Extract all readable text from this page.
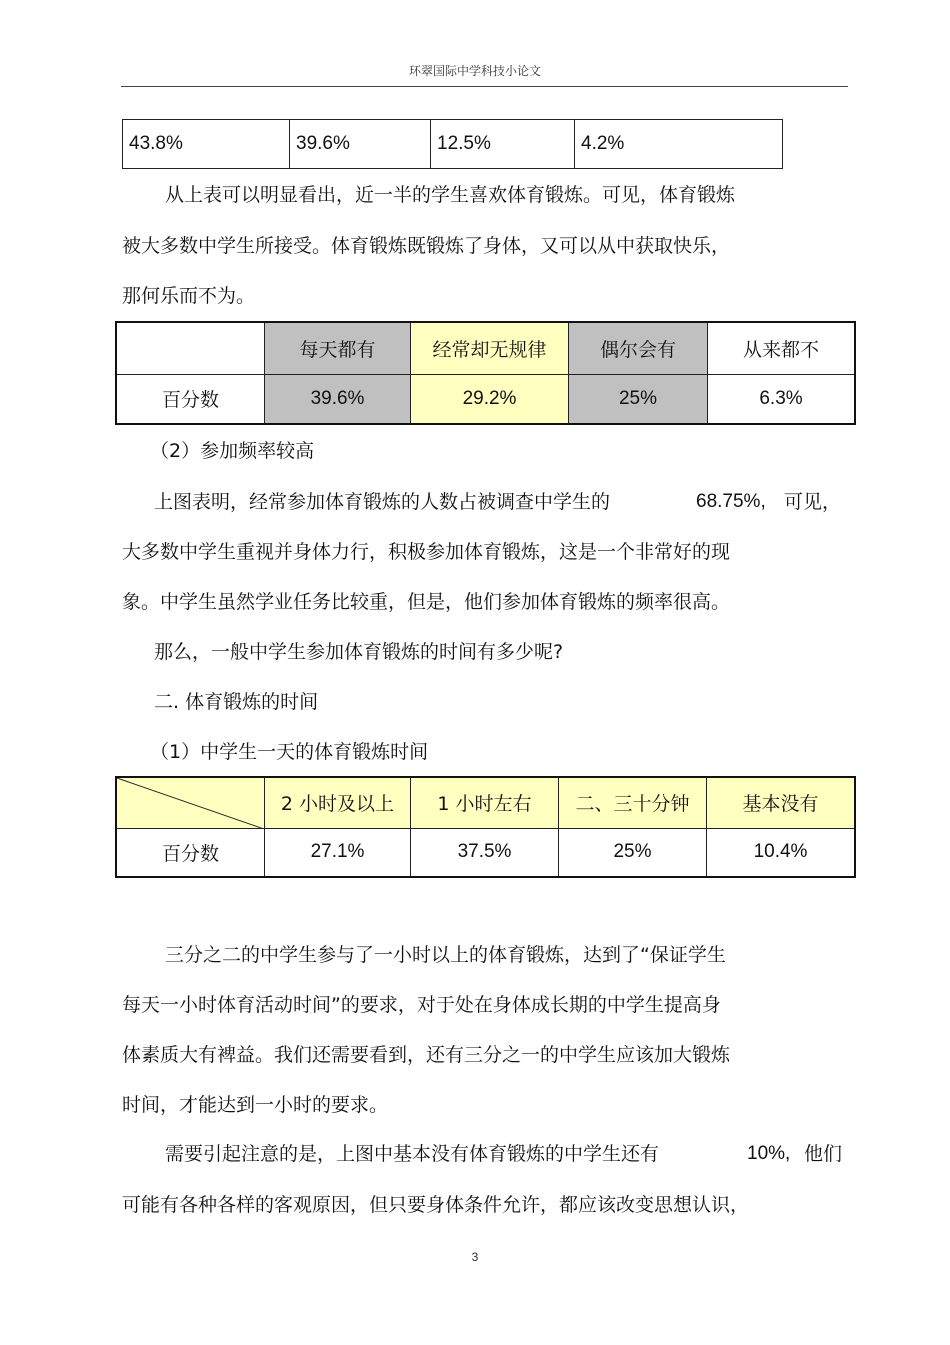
环翠国际中学科技小论文
43.8%	39.6%	12.5%	4.2%
从上表可以明显看出，近一半的学生喜欢体育锻炼。可见，体育锻炼
被大多数中学生所接受。体育锻炼既锻炼了身体，又可以从中获取快乐，
那何乐而不为。
	每天都有	经常却无规律	偶尔会有	从来都不
百分数	39.6%	29.2%	25%	6.3%
（2）参加频率较高
上图表明，经常参加体育锻炼的人数占被调查中学生的	68.75%, 可见，
大多数中学生重视并身体力行，积极参加体育锻炼，这是一个非常好的现
象。中学生虽然学业任务比较重，但是，他们参加体育锻炼的频率很高。
那么，一般中学生参加体育锻炼的时间有多少呢?
二. 体育锻炼的时间
（1）中学生一天的体育锻炼时间
	2 小时及以上	1 小时左右	二、三十分钟	基本没有
百分数	27.1%	37.5%	25%	10.4%
三分之二的中学生参与了一小时以上的体育锻炼，达到了“保证学生
每天一小时体育活动时间”的要求，对于处在身体成长期的中学生提高身
体素质大有裨益。我们还需要看到，还有三分之一的中学生应该加大锻炼
时间，才能达到一小时的要求。
需要引起注意的是，上图中基本没有体育锻炼的中学生还有	10%, 他们
可能有各种各样的客观原因，但只要身体条件允许，都应该改变思想认识，
3
